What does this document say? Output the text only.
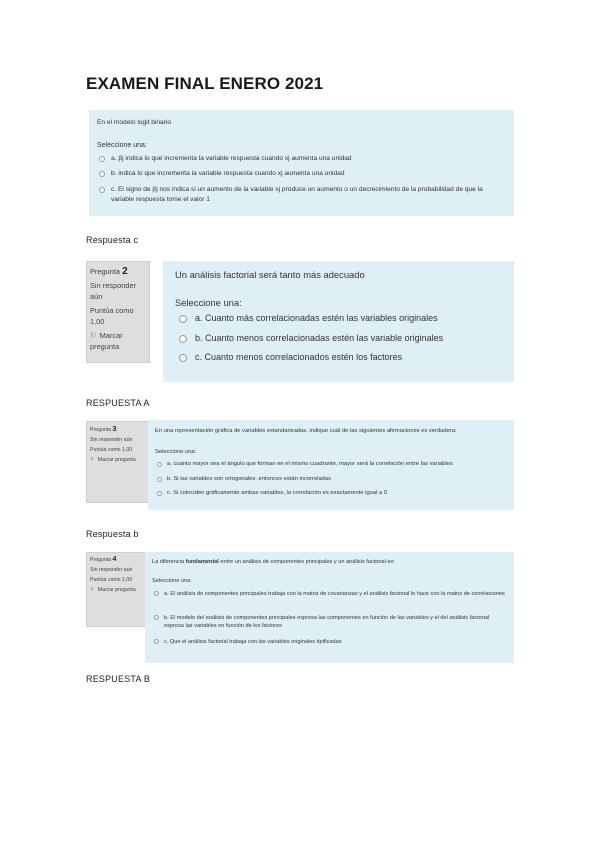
EXAMEN FINAL ENERO 2021
En el modelo logit binario
Seleccione una:
a. βj indica lo que incrementa la variable respuesta cuando xj aumenta una unidad
b. indica lo que incrementa la variable respuesta cuando xj aumenta una unidad
c. El signo de βj nos indica si un aumento de la variable xj produce un aumento o un decrecimiento de la probabilidad de que la variable respuesta tome el valor 1
Respuesta c
Pregunta 2
Sin responder aún
Puntúa como 1,00
⚐ Marcar pregunta
Un análisis factorial será tanto más adecuado
Seleccione una:
a. Cuanto más correlacionadas estén las variables originales
b. Cuanto menos correlacionadas estén las variable originales
c. Cuanto menos correlacionados estén los factores
RESPUESTA A
Pregunta 3
Sin responder aún
Puntúa como 1,00
⚐ Marcar pregunta
En una representación gráfica de variables estandarizadas, indique cuál de las siguientes afirmaciones es verdadera:
Seleccione una:
a. cuanto mayor sea el ángulo que forman en el mismo cuadrante, mayor será la correlación entre las variables
b. Si las variables son ortogonales, entonces están incorreladas
c. Si coinciden gráficamente ambas variables, la correlación es exactamente igual a 0
Respuesta b
Pregunta 4
Sin responder aún
Puntúa como 1,00
⚐ Marcar pregunta
La diferencia fundamental entre un análisis de componentes principales y un análisis factorial es:
Seleccione una:
a. El análisis de componentes principales trabaja con la matriz de covarianzas y el análisis factorial lo hace con la matriz de correlaciones
b. El modelo del análisis de componentes principales expresa las componentes en función de las variables y el del análisis factorial expresa las variables en función de los factores
c. Que el análisis factorial trabaja con las variables originales tipificadas
RESPUESTA B
